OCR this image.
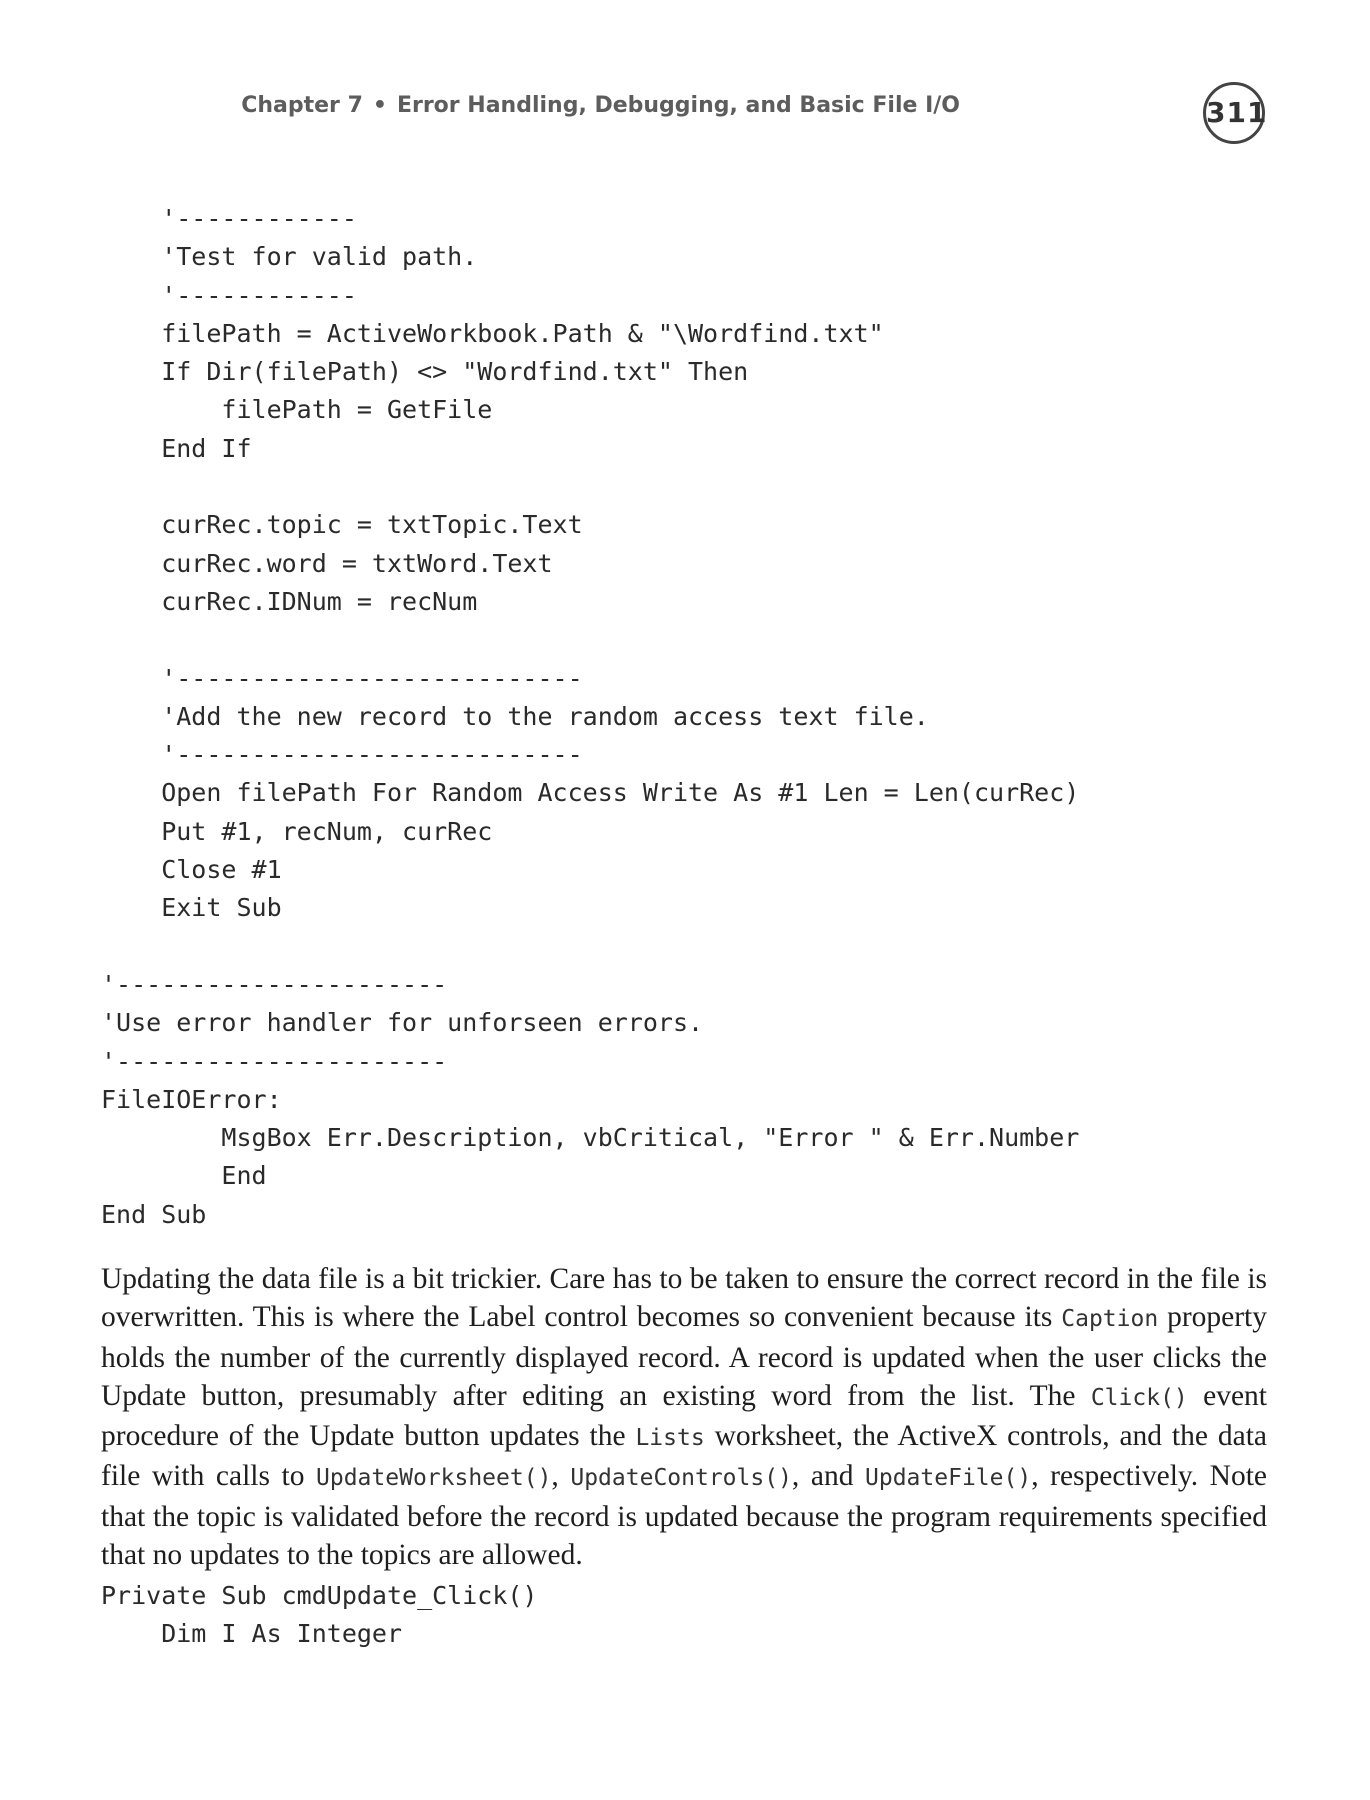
Chapter 7 • Error Handling, Debugging, and Basic File I/O	311
'------------
'Test for valid path.
'------------
filePath = ActiveWorkbook.Path & "\Wordfind.txt"
If Dir(filePath) <> "Wordfind.txt" Then
filePath = GetFile
End If

curRec.topic = txtTopic.Text
curRec.word = txtWord.Text
curRec.IDNum = recNum

'---------------------------
'Add the new record to the random access text file.
'---------------------------
Open filePath For Random Access Write As #1 Len = Len(curRec)
Put #1, recNum, curRec
Close #1
Exit Sub

'----------------------
'Use error handler for unforseen errors.
'----------------------
FileIOError:
MsgBox Err.Description, vbCritical, "Error " & Err.Number
End
End Sub

Updating the data file is a bit trickier. Care has to be taken to ensure the correct record in the file is overwritten. This is where the Label control becomes so convenient because its Caption property holds the number of the currently displayed record. A record is updated when the user clicks the Update button, presumably after editing an existing word from the list. The Click() event procedure of the Update button updates the Lists worksheet, the ActiveX controls, and the data file with calls to UpdateWorksheet(), UpdateControls(), and UpdateFile(), respectively. Note that the topic is validated before the record is updated because the program requirements specified that no updates to the topics are allowed.

Private Sub cmdUpdate_Click()
Dim I As Integer
